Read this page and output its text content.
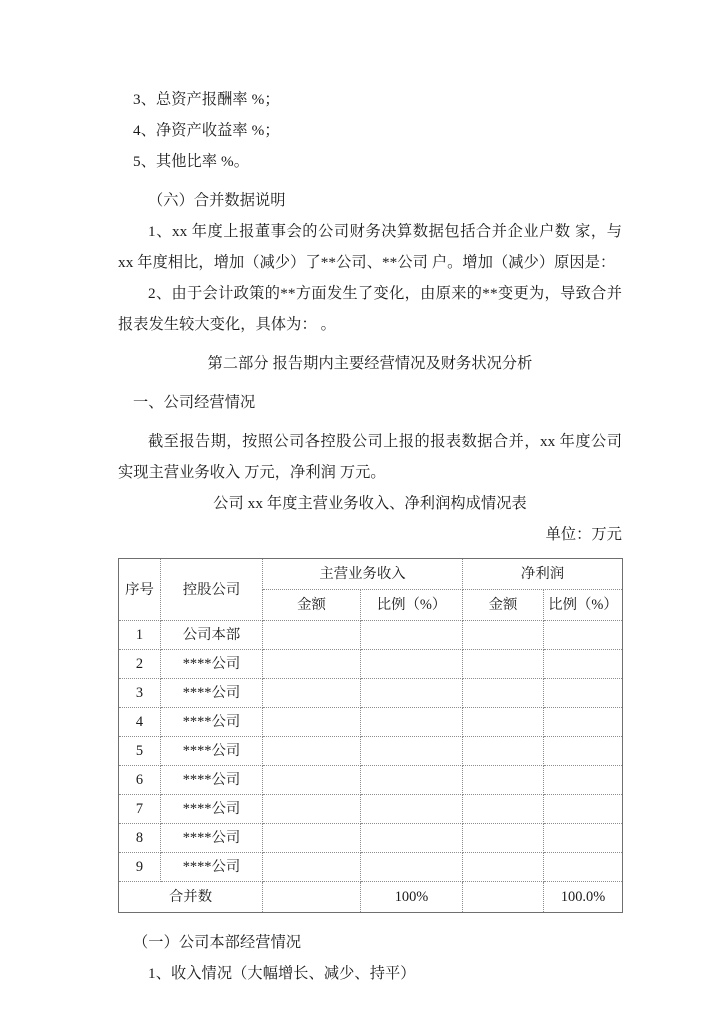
3、总资产报酬率 %；

4、净资产收益率 %；

5、其他比率 %。

（六）合并数据说明

1、xx 年度上报董事会的公司财务决算数据包括合并企业户数 家，与 xx 年度相比，增加（减少）了**公司、**公司 户。增加（减少）原因是：

2、由于会计政策的**方面发生了变化，由原来的**变更为，导致合并报表发生较大变化，具体为： 。

第二部分 报告期内主要经营情况及财务状况分析

一、公司经营情况

截至报告期，按照公司各控股公司上报的报表数据合并，xx 年度公司实现主营业务收入 万元，净利润 万元。

公司 xx 年度主营业务收入、净利润构成情况表

单位：万元

序号	控股公司	主营业务收入		净利润	
		金额	比例（%）	金额	比例（%）
1	公司本部				
2	****公司				
3	****公司				
4	****公司				
5	****公司				
6	****公司				
7	****公司				
8	****公司				
9	****公司				
合并数			100%		100.0%

（一）公司本部经营情况

1、收入情况（大幅增长、减少、持平）
